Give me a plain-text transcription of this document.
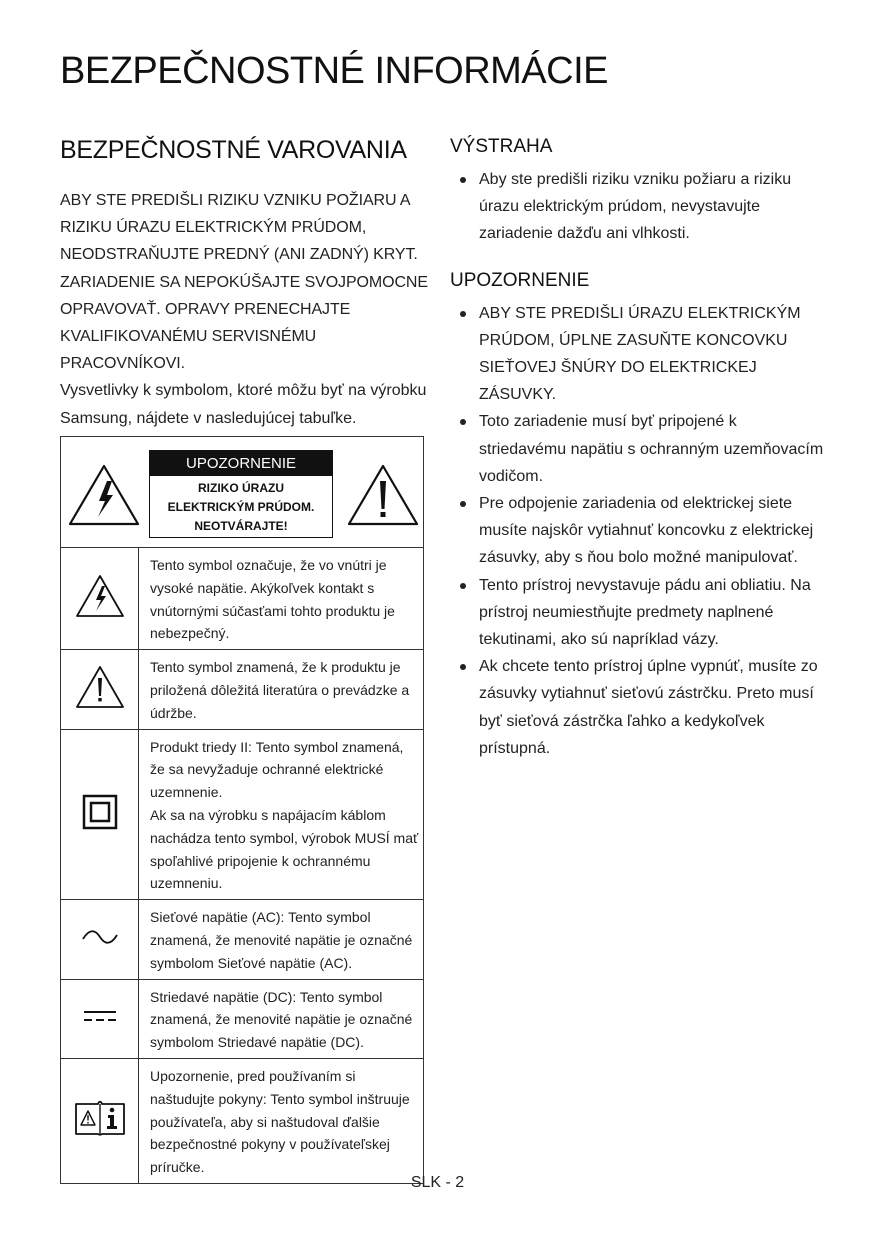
BEZPEČNOSTNÉ INFORMÁCIE
BEZPEČNOSTNÉ VAROVANIA

ABY STE PREDIŠLI RIZIKU VZNIKU POŽIARU A RIZIKU ÚRAZU ELEKTRICKÝM PRÚDOM, NEODSTRAŇUJTE PREDNÝ (ANI ZADNÝ) KRYT. ZARIADENIE SA NEPOKÚŠAJTE SVOJPOMOCNE OPRAVOVAŤ. OPRAVY PRENECHAJTE KVALIFIKOVANÉMU SERVISNÉMU PRACOVNÍKOVI.

Vysvetlivky k symbolom, ktoré môžu byť na výrobku Samsung, nájdete v nasledujúcej tabuľke.

UPOZORNENIE
RIZIKO ÚRAZU
ELEKTRICKÝM PRÚDOM.
NEOTVÁRAJTE!	

	Tento symbol označuje, že vo vnútri je vysoké napätie. Akýkoľvek kontakt s vnútornými súčasťami tohto produktu je nebezpečný.
	Tento symbol znamená, že k produktu je priložená dôležitá literatúra o prevádzke a údržbe.
	Produkt triedy II: Tento symbol znamená, že sa nevyžaduje ochranné elektrické uzemnenie.
Ak sa na výrobku s napájacím káblom nachádza tento symbol, výrobok MUSÍ mať spoľahlivé pripojenie k ochrannému uzemneniu.
	Sieťové napätie (AC): Tento symbol znamená, že menovité napätie je označné symbolom Sieťové napätie (AC).
	Striedavé napätie (DC): Tento symbol znamená, že menovité napätie je označné symbolom Striedavé napätie (DC).
	Upozornenie, pred používaním si naštudujte pokyny: Tento symbol inštruuje používateľa, aby si naštudoval ďalšie bezpečnostné pokyny v používateľskej príručke.
VÝSTRAHA
Aby ste predišli riziku vzniku požiaru a riziku úrazu elektrickým prúdom, nevystavujte zariadenie dažďu ani vlhkosti.
UPOZORNENIE
ABY STE PREDIŠLI ÚRAZU ELEKTRICKÝM PRÚDOM, ÚPLNE ZASUŇTE KONCOVKU SIEŤOVEJ ŠNÚRY DO ELEKTRICKEJ ZÁSUVKY.
Toto zariadenie musí byť pripojené k striedavému napätiu s ochranným uzemňovacím vodičom.
Pre odpojenie zariadenia od elektrickej siete musíte najskôr vytiahnuť koncovku z elektrickej zásuvky, aby s ňou bolo možné manipulovať.
Tento prístroj nevystavuje pádu ani obliatiu. Na prístroj neumiestňujte predmety naplnené tekutinami, ako sú napríklad vázy.
Ak chcete tento prístroj úplne vypnúť, musíte zo zásuvky vytiahnuť sieťovú zástrčku. Preto musí byť sieťová zástrčka ľahko a kedykoľvek prístupná.
SLK - 2
